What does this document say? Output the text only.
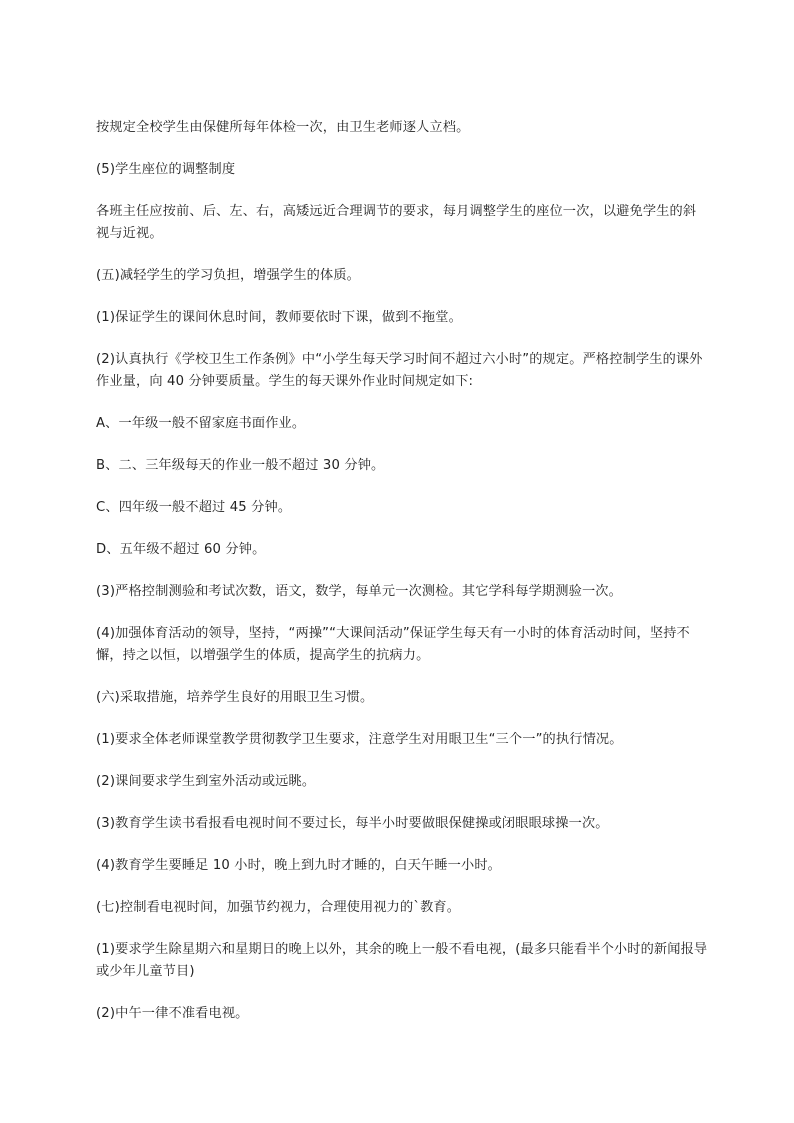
按规定全校学生由保健所每年体检一次，由卫生老师逐人立档。

(5)学生座位的调整制度

各班主任应按前、后、左、右，高矮远近合理调节的要求，每月调整学生的座位一次，以避免学生的斜视与近视。

(五)减轻学生的学习负担，增强学生的体质。

(1)保证学生的课间休息时间，教师要依时下课，做到不拖堂。

(2)认真执行《学校卫生工作条例》中“小学生每天学习时间不超过六小时”的规定。严格控制学生的课外作业量，向 40 分钟要质量。学生的每天课外作业时间规定如下:

A、一年级一般不留家庭书面作业。

B、二、三年级每天的作业一般不超过 30 分钟。

C、四年级一般不超过 45 分钟。

D、五年级不超过 60 分钟。

(3)严格控制测验和考试次数，语文，数学，每单元一次测检。其它学科每学期测验一次。

(4)加强体育活动的领导，坚持，“两操”“大课间活动”保证学生每天有一小时的体育活动时间，坚持不懈，持之以恒，以增强学生的体质，提高学生的抗病力。

(六)采取措施，培养学生良好的用眼卫生习惯。

(1)要求全体老师课堂教学贯彻教学卫生要求，注意学生对用眼卫生“三个一”的执行情况。

(2)课间要求学生到室外活动或远眺。

(3)教育学生读书看报看电视时间不要过长，每半小时要做眼保健操或闭眼眼球操一次。

(4)教育学生要睡足 10 小时，晚上到九时才睡的，白天午睡一小时。

(七)控制看电视时间，加强节约视力，合理使用视力的`教育。

(1)要求学生除星期六和星期日的晚上以外，其余的晚上一般不看电视，(最多只能看半个小时的新闻报导或少年儿童节目)

(2)中午一律不准看电视。
